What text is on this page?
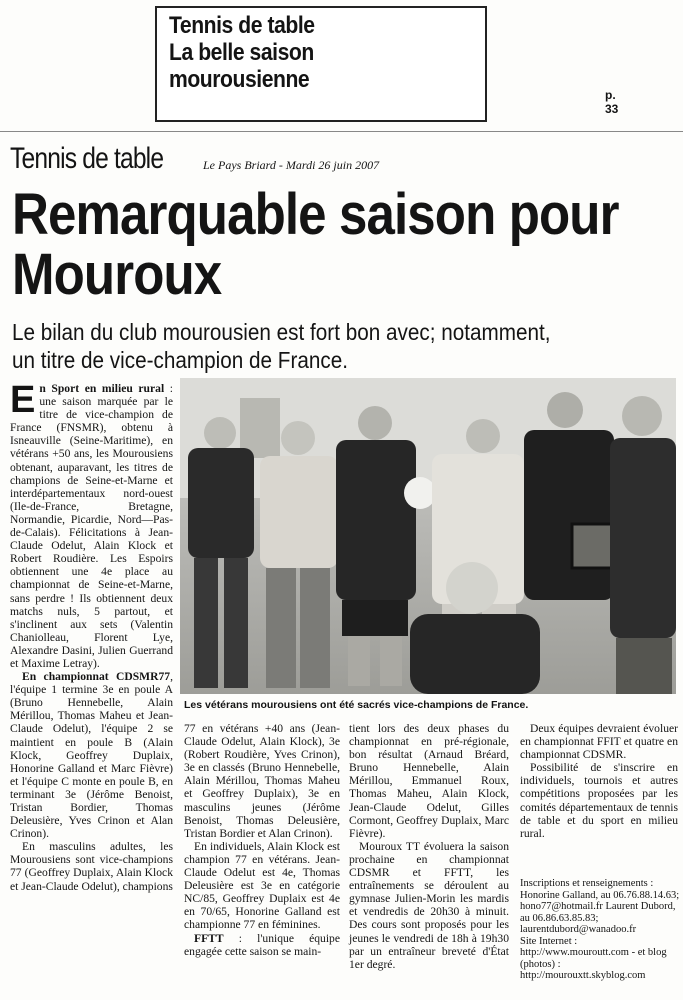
Tennis de table
La belle saison
mourousienne
p. 33
Tennis de table	Le Pays Briard - Mardi 26 juin 2007
Remarquable saison pour
Mouroux
Le bilan du club mourousien est fort bon avec; notamment,
un titre de vice-champion de France.

En Sport en milieu rural : une saison marquée par le titre de vice-champion de France (FNSMR), obtenu à Isneauville (Seine-Maritime), en vétérans +50 ans, les Mourousiens obtenant, auparavant, les titres de champions de Seine-et-Marne et interdépartementaux nord-ouest (Ile-de-France, Bretagne, Normandie, Picardie, Nord—Pas-de-Calais). Félicitations à Jean-Claude Odelut, Alain Klock et Robert Roudière. Les Espoirs obtiennent une 4e place au championnat de Seine-et-Marne, sans perdre ! Ils obtiennent deux matchs nuls, 5 partout, et s'inclinent aux sets (Valentin Chaniolleau, Florent Lye, Alexandre Dasini, Julien Guerrand et Maxime Letray).

En championnat CDSMR77, l'équipe 1 termine 3e en poule A (Bruno Hennebelle, Alain Mérillou, Thomas Maheu et Jean-Claude Odelut), l'équipe 2 se maintient en poule B (Alain Klock, Geoffrey Duplaix, Honorine Galland et Marc Fièvre) et l'équipe C monte en poule B, en terminant 3e (Jérôme Benoist, Tristan Bordier, Thomas Deleusière, Yves Crinon et Alan Crinon).

En masculins adultes, les Mourousiens sont vice-champions 77 (Geoffrey Duplaix, Alain Klock et Jean-Claude Odelut), champions

Les vétérans mourousiens ont été sacrés vice-champions de France.

77 en vétérans +40 ans (Jean-Claude Odelut, Alain Klock), 3e (Robert Roudière, Yves Crinon), 3e en classés (Bruno Hennebelle, Alain Mérillou, Thomas Maheu et Geoffrey Duplaix), 3e en masculins jeunes (Jérôme Benoist, Thomas Deleusière, Tristan Bordier et Alan Crinon).

En individuels, Alain Klock est champion 77 en vétérans. Jean-Claude Odelut est 4e, Thomas Deleusière est 3e en catégorie NC/85, Geoffrey Duplaix est 4e en 70/65, Honorine Galland est championne 77 en féminines.

FFTT : l'unique équipe engagée cette saison se main-

tient lors des deux phases du championnat en pré-régionale, bon résultat (Arnaud Bréard, Bruno Hennebelle, Alain Mérillou, Emmanuel Roux, Thomas Maheu, Alain Klock, Jean-Claude Odelut, Gilles Cormont, Geoffrey Duplaix, Marc Fièvre).

Mouroux TT évoluera la saison prochaine en championnat CDSMR et FFTT, les entraînements se déroulent au gymnase Julien-Morin les mardis et vendredis de 20h30 à minuit. Des cours sont proposés pour les jeunes le vendredi de 18h à 19h30 par un entraîneur breveté d'État 1er degré.

Deux équipes devraient évoluer en championnat FFIT et quatre en championnat CDSMR.

Possibilité de s'inscrire en individuels, tournois et autres compétitions proposées par les comités départementaux de tennis de table et du sport en milieu rural.

Inscriptions et renseignements : Honorine Galland, au 06.76.88.14.63; hono77@hotmail.fr Laurent Dubord, au 06.86.63.85.83; laurentdubord@wanadoo.fr

Site Internet : http://www.mouroutt.com - et blog (photos) : http://mourouxtt.skyblog.com
